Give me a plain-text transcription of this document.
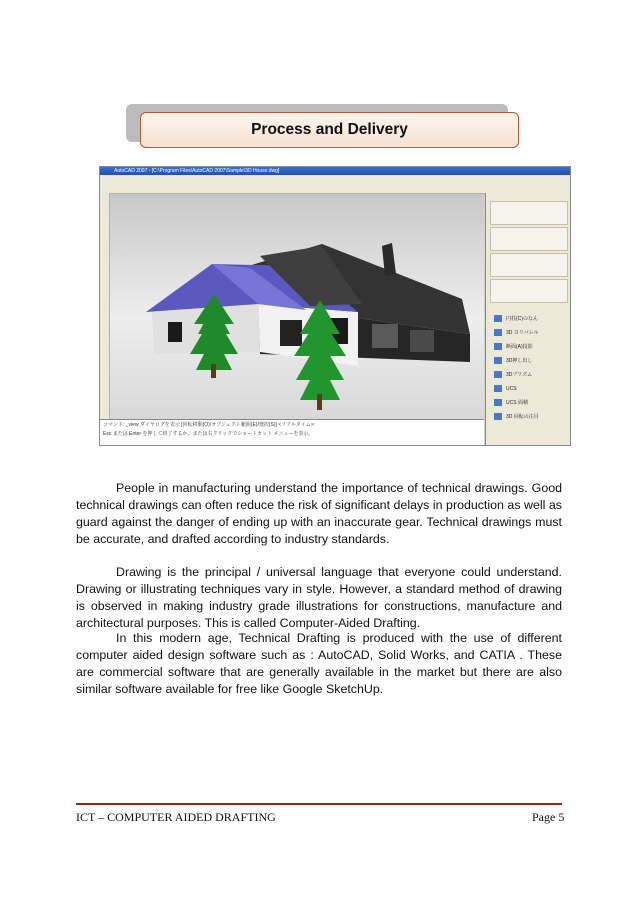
Process and Delivery
AutoCAD 2007 - [C:\Program Files\AutoCAD 2007\Sample\3D House.dwg]
コマンド: _view ダイヤログを表示 [回転移動(O)/オブジェクト範囲(E)/選択(S)] <リアルタイム>:
Esc または Enter を押して終了するか、または右クリックでショートカット メニューを表示。
円柱(C)のなん
3D ヨリバレル
断面(A)投影
3D押し出し
3Dプリズム
UCS
UCS 面積
3D 回転の注目

People in manufacturing understand the importance of technical drawings. Good technical drawings can often reduce the risk of significant delays in production as well as guard against the danger of ending up with an inaccurate gear. Technical drawings must be accurate, and drafted according to industry standards.

Drawing is the principal / universal language that everyone could understand. Drawing or illustrating techniques vary in style. However, a standard method of drawing is observed in making industry grade illustrations for constructions, manufacture and architectural purposes. This is called Computer-Aided Drafting.

In this modern age, Technical Drafting is produced with the use of different computer aided design software such as : AutoCAD, Solid Works, and CATIA . These are commercial software that are generally available in the market but there are also similar software available for free like Google SketchUp.

ICT – COMPUTER AIDED DRAFTING	Page 5
